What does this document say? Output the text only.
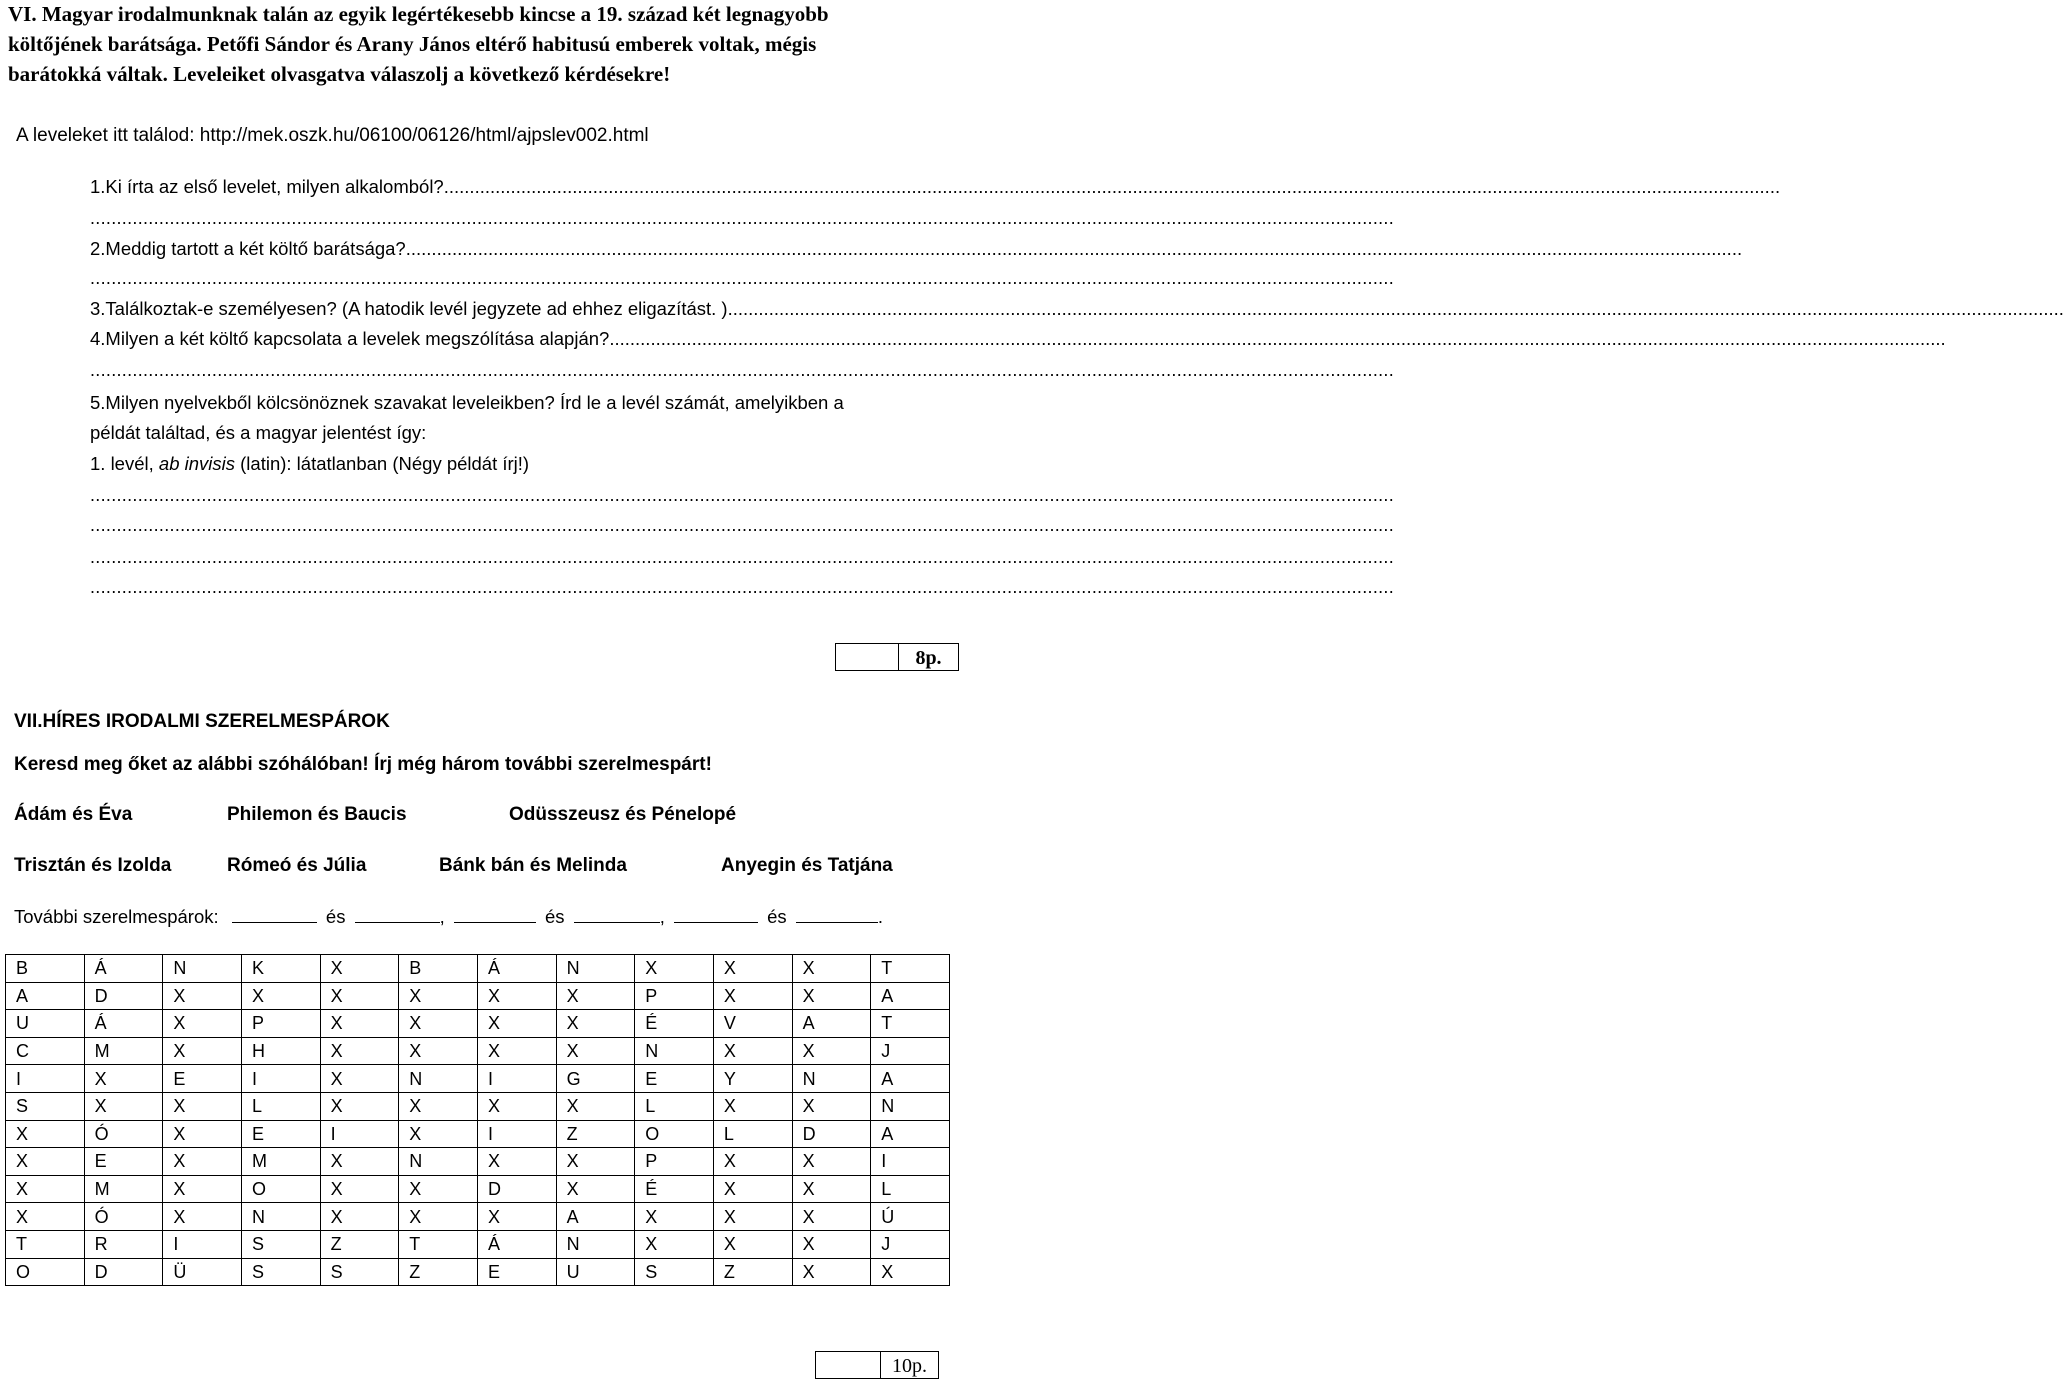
VI. Magyar irodalmunknak talán az egyik legértékesebb kincse a 19. század két legnagyobb
költőjének barátsága. Petőfi Sándor és Arany János eltérő habitusú emberek voltak, mégis
barátokká váltak. Leveleiket olvasgatva válaszolj a következő kérdésekre!
A leveleket itt találod: http://mek.oszk.hu/06100/06126/html/ajpslev002.html
1.Ki írta az első levelet, milyen alkalomból?....................................................................................................................................................................................................................................................................
......................................................................................................................................................................................................................................................
2.Meddig tartott a két költő barátsága?....................................................................................................................................................................................................................................................................
......................................................................................................................................................................................................................................................
3.Találkoztak-e személyesen? (A hatodik levél jegyzete ad ehhez eligazítást. )....................................................................................................................................................................................................................................................................
4.Milyen a két költő kapcsolata a levelek megszólítása alapján?....................................................................................................................................................................................................................................................................
......................................................................................................................................................................................................................................................
5.Milyen nyelvekből kölcsönöznek szavakat leveleikben? Írd le a levél számát, amelyikben a
példát találtad, és a magyar jelentést így:
1. levél, ab invisis (latin): látatlanban (Négy példát írj!)
......................................................................................................................................................................................................................................................
......................................................................................................................................................................................................................................................
......................................................................................................................................................................................................................................................
......................................................................................................................................................................................................................................................
8p.
VII.HÍRES IRODALMI SZERELMESPÁROK
Keresd meg őket az alábbi szóhálóban! Írj még három további szerelmespárt!
Ádám és Éva	Philemon és Baucis	Odüsszeusz és Pénelopé
Trisztán és Izolda	Rómeó és Júlia	Bánk bán és Melinda	Anyegin és Tatjána
További szerelmespárok:	és	,	és	,	és	.
B	Á	N	K	X	B	Á	N	X	X	X	T
A	D	X	X	X	X	X	X	P	X	X	A
U	Á	X	P	X	X	X	X	É	V	A	T
C	M	X	H	X	X	X	X	N	X	X	J
I	X	E	I	X	N	I	G	E	Y	N	A
S	X	X	L	X	X	X	X	L	X	X	N
X	Ó	X	E	I	X	I	Z	O	L	D	A
X	E	X	M	X	N	X	X	P	X	X	I
X	M	X	O	X	X	D	X	É	X	X	L
X	Ó	X	N	X	X	X	A	X	X	X	Ú
T	R	I	S	Z	T	Á	N	X	X	X	J
O	D	Ü	S	S	Z	E	U	S	Z	X	X
10p.
